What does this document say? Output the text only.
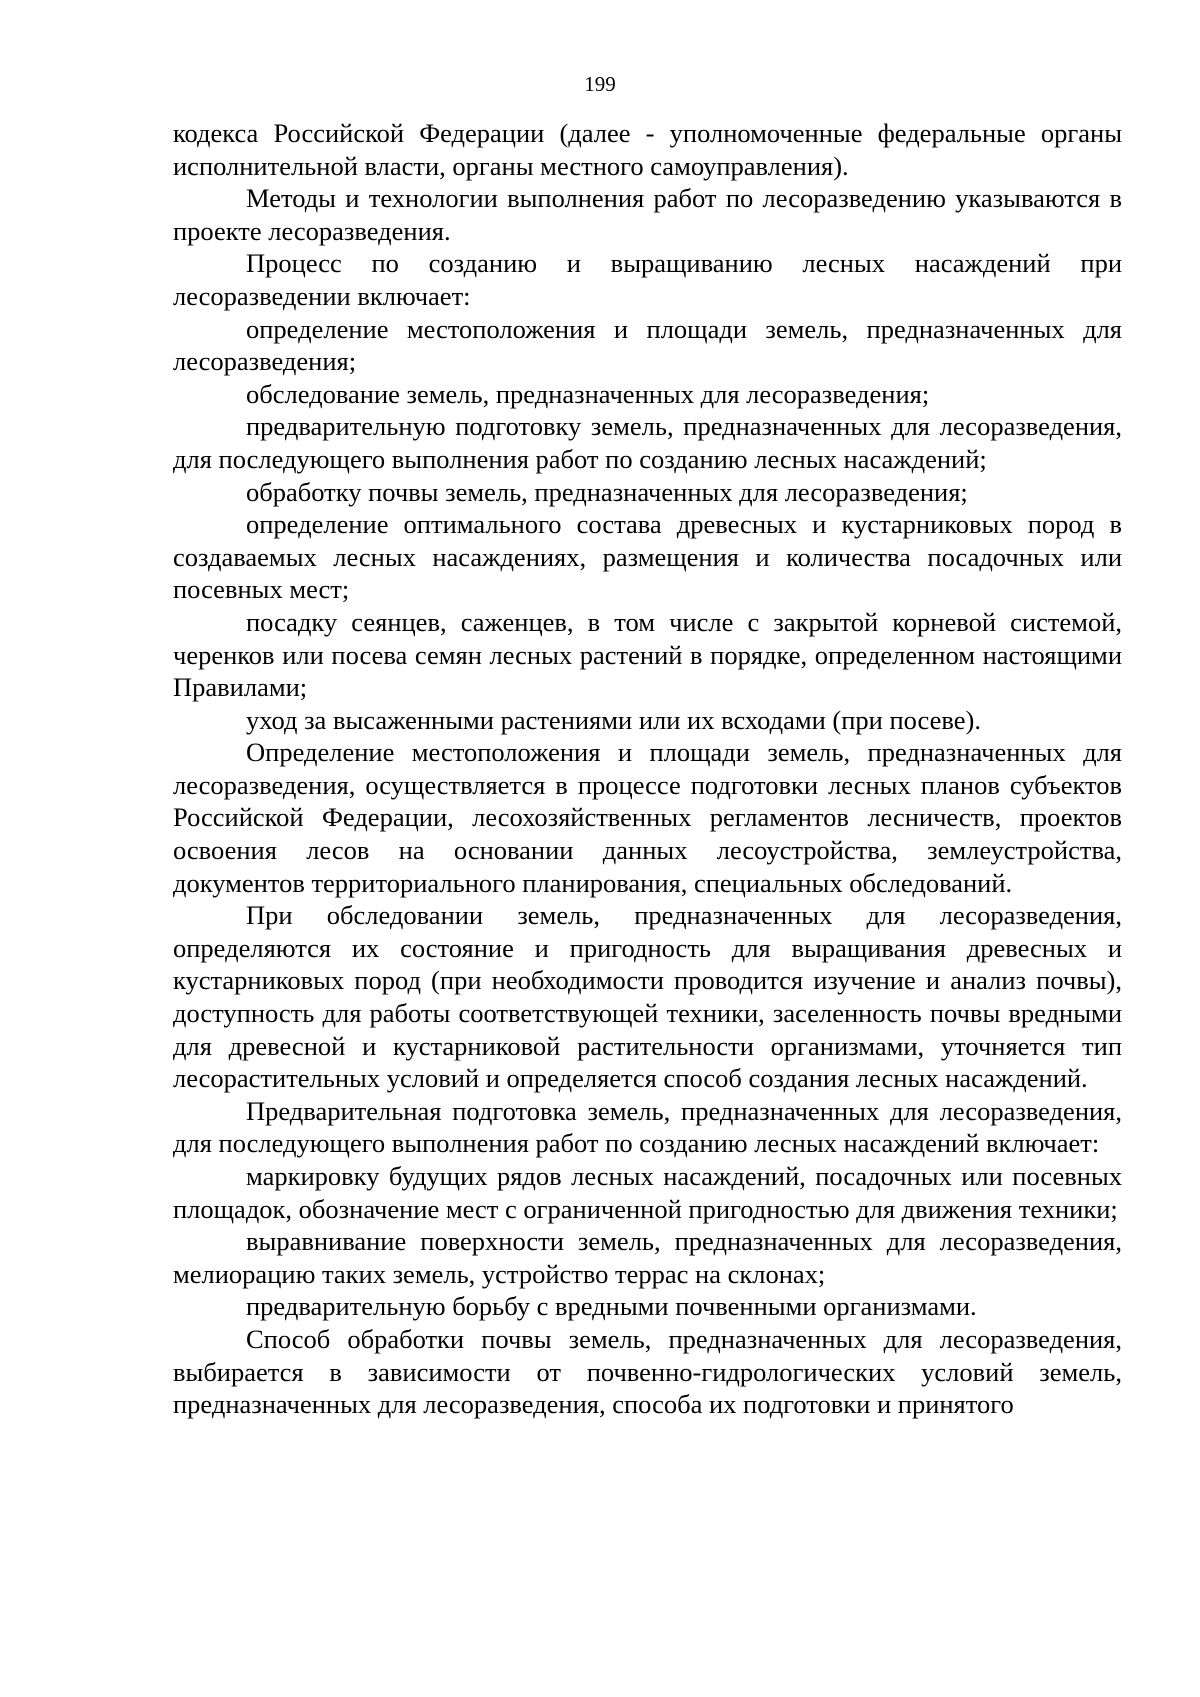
199

кодекса Российской Федерации (далее - уполномоченные федеральные органы исполнительной власти, органы местного самоуправления).

Методы и технологии выполнения работ по лесоразведению указываются в проекте лесоразведения.

Процесс по созданию и выращиванию лесных насаждений при лесоразведении включает:

определение местоположения и площади земель, предназначенных для лесоразведения;

обследование земель, предназначенных для лесоразведения;

предварительную подготовку земель, предназначенных для лесоразведения, для последующего выполнения работ по созданию лесных насаждений;

обработку почвы земель, предназначенных для лесоразведения;

определение оптимального состава древесных и кустарниковых пород в создаваемых лесных насаждениях, размещения и количества посадочных или посевных мест;

посадку сеянцев, саженцев, в том числе с закрытой корневой системой, черенков или посева семян лесных растений в порядке, определенном настоящими Правилами;

уход за высаженными растениями или их всходами (при посеве).

Определение местоположения и площади земель, предназначенных для лесоразведения, осуществляется в процессе подготовки лесных планов субъектов Российской Федерации, лесохозяйственных регламентов лесничеств, проектов освоения лесов на основании данных лесоустройства, землеустройства, документов территориального планирования, специальных обследований.

При обследовании земель, предназначенных для лесоразведения, определяются их состояние и пригодность для выращивания древесных и кустарниковых пород (при необходимости проводится изучение и анализ почвы), доступность для работы соответствующей техники, заселенность почвы вредными для древесной и кустарниковой растительности организмами, уточняется тип лесорастительных условий и определяется способ создания лесных насаждений.

Предварительная подготовка земель, предназначенных для лесоразведения, для последующего выполнения работ по созданию лесных насаждений включает:

маркировку будущих рядов лесных насаждений, посадочных или посевных площадок, обозначение мест с ограниченной пригодностью для движения техники;

выравнивание поверхности земель, предназначенных для лесоразведения, мелиорацию таких земель, устройство террас на склонах;

предварительную борьбу с вредными почвенными организмами.

Способ обработки почвы земель, предназначенных для лесоразведения, выбирается в зависимости от почвенно-гидрологических условий земель, предназначенных для лесоразведения, способа их подготовки и принятого
